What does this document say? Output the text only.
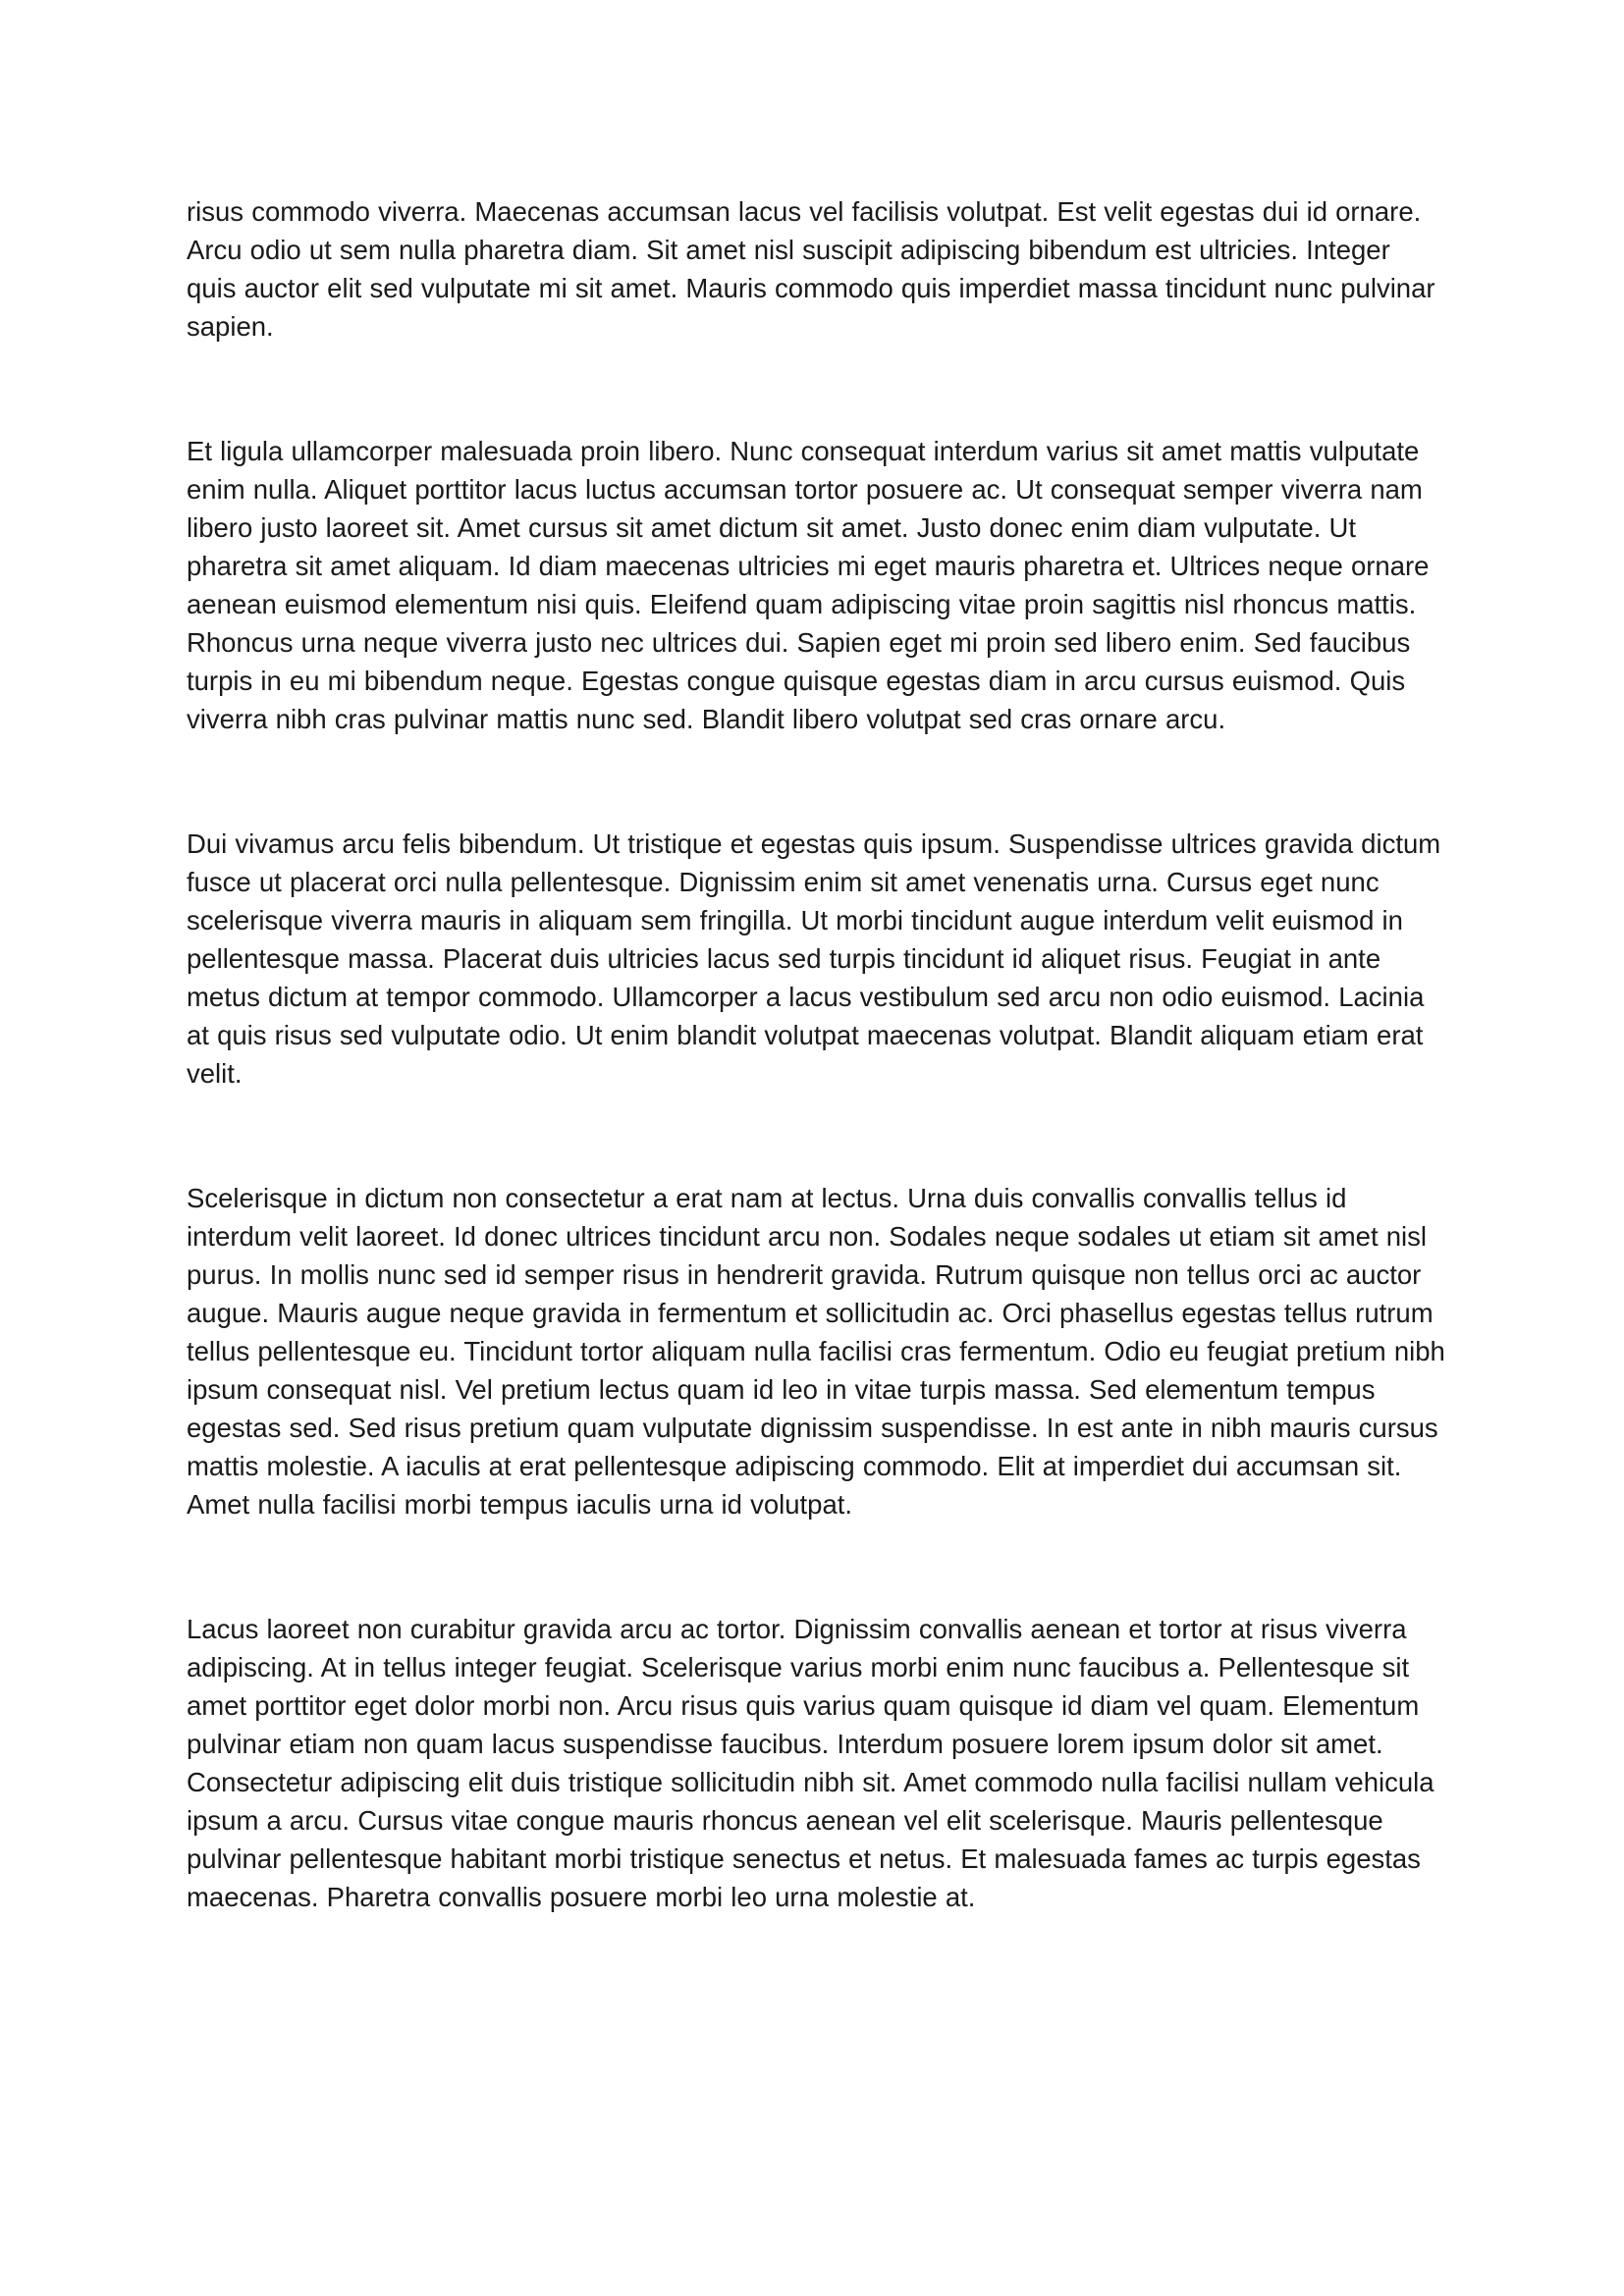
risus commodo viverra. Maecenas accumsan lacus vel facilisis volutpat. Est velit egestas dui id ornare. Arcu odio ut sem nulla pharetra diam. Sit amet nisl suscipit adipiscing bibendum est ultricies. Integer quis auctor elit sed vulputate mi sit amet. Mauris commodo quis imperdiet massa tincidunt nunc pulvinar sapien.

Et ligula ullamcorper malesuada proin libero. Nunc consequat interdum varius sit amet mattis vulputate enim nulla. Aliquet porttitor lacus luctus accumsan tortor posuere ac. Ut consequat semper viverra nam libero justo laoreet sit. Amet cursus sit amet dictum sit amet. Justo donec enim diam vulputate. Ut pharetra sit amet aliquam. Id diam maecenas ultricies mi eget mauris pharetra et. Ultrices neque ornare aenean euismod elementum nisi quis. Eleifend quam adipiscing vitae proin sagittis nisl rhoncus mattis. Rhoncus urna neque viverra justo nec ultrices dui. Sapien eget mi proin sed libero enim. Sed faucibus turpis in eu mi bibendum neque. Egestas congue quisque egestas diam in arcu cursus euismod. Quis viverra nibh cras pulvinar mattis nunc sed. Blandit libero volutpat sed cras ornare arcu.

Dui vivamus arcu felis bibendum. Ut tristique et egestas quis ipsum. Suspendisse ultrices gravida dictum fusce ut placerat orci nulla pellentesque. Dignissim enim sit amet venenatis urna. Cursus eget nunc scelerisque viverra mauris in aliquam sem fringilla. Ut morbi tincidunt augue interdum velit euismod in pellentesque massa. Placerat duis ultricies lacus sed turpis tincidunt id aliquet risus. Feugiat in ante metus dictum at tempor commodo. Ullamcorper a lacus vestibulum sed arcu non odio euismod. Lacinia at quis risus sed vulputate odio. Ut enim blandit volutpat maecenas volutpat. Blandit aliquam etiam erat velit.

Scelerisque in dictum non consectetur a erat nam at lectus. Urna duis convallis convallis tellus id interdum velit laoreet. Id donec ultrices tincidunt arcu non. Sodales neque sodales ut etiam sit amet nisl purus. In mollis nunc sed id semper risus in hendrerit gravida. Rutrum quisque non tellus orci ac auctor augue. Mauris augue neque gravida in fermentum et sollicitudin ac. Orci phasellus egestas tellus rutrum tellus pellentesque eu. Tincidunt tortor aliquam nulla facilisi cras fermentum. Odio eu feugiat pretium nibh ipsum consequat nisl. Vel pretium lectus quam id leo in vitae turpis massa. Sed elementum tempus egestas sed. Sed risus pretium quam vulputate dignissim suspendisse. In est ante in nibh mauris cursus mattis molestie. A iaculis at erat pellentesque adipiscing commodo. Elit at imperdiet dui accumsan sit. Amet nulla facilisi morbi tempus iaculis urna id volutpat.

Lacus laoreet non curabitur gravida arcu ac tortor. Dignissim convallis aenean et tortor at risus viverra adipiscing. At in tellus integer feugiat. Scelerisque varius morbi enim nunc faucibus a. Pellentesque sit amet porttitor eget dolor morbi non. Arcu risus quis varius quam quisque id diam vel quam. Elementum pulvinar etiam non quam lacus suspendisse faucibus. Interdum posuere lorem ipsum dolor sit amet. Consectetur adipiscing elit duis tristique sollicitudin nibh sit. Amet commodo nulla facilisi nullam vehicula ipsum a arcu. Cursus vitae congue mauris rhoncus aenean vel elit scelerisque. Mauris pellentesque pulvinar pellentesque habitant morbi tristique senectus et netus. Et malesuada fames ac turpis egestas maecenas. Pharetra convallis posuere morbi leo urna molestie at.
